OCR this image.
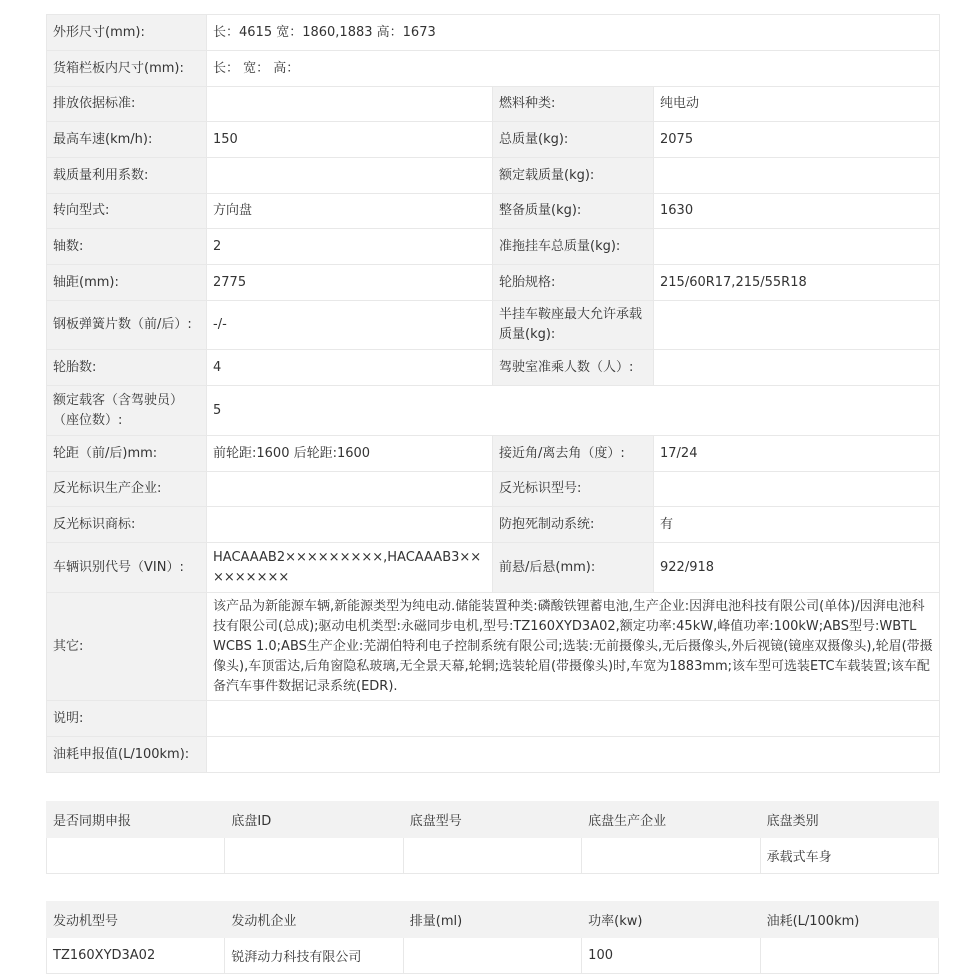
外形尺寸(mm):	长：4615 宽：1860,1883 高：1673		
货箱栏板内尺寸(mm):	长： 宽： 高：		
排放依据标准:		燃料种类:	纯电动
最高车速(km/h):	150	总质量(kg):	2075
载质量利用系数:		额定载质量(kg):	
转向型式:	方向盘	整备质量(kg):	1630
轴数:	2	准拖挂车总质量(kg):	
轴距(mm):	2775	轮胎规格:	215/60R17,215/55R18
钢板弹簧片数（前/后）:	-/-	半挂车鞍座最大允许承载质量(kg):	
轮胎数:	4	驾驶室准乘人数（人）:	
额定载客（含驾驶员）（座位数）:	5		
轮距（前/后)mm:	前轮距:1600 后轮距:1600	接近角/离去角（度）:	17/24
反光标识生产企业:		反光标识型号:	
反光标识商标:		防抱死制动系统:	有
车辆识别代号（VIN）:	HACAAAB2×××××××××,HACAAAB3×××××××××	前悬/后悬(mm):	922/918
其它:	该产品为新能源车辆,新能源类型为纯电动.储能装置种类:磷酸铁锂蓄电池,生产企业:因湃电池科技有限公司(单体)/因湃电池科技有限公司(总成);驱动电机类型:永磁同步电机,型号:TZ160XYD3A02,额定功率:45kW,峰值功率:100kW;ABS型号:WBTL WCBS 1.0;ABS生产企业:芜湖伯特利电子控制系统有限公司;选装:无前摄像头,无后摄像头,外后视镜(镜座双摄像头),轮眉(带摄像头),车顶雷达,后角窗隐私玻璃,无全景天幕,轮辋;选装轮眉(带摄像头)时,车宽为1883mm;该车型可选装ETC车载装置;该车配备汽车事件数据记录系统(EDR).		
说明:			
油耗申报值(L/100km):			
是否同期申报	底盘ID	底盘型号	底盘生产企业	底盘类别
				承载式车身
发动机型号	发动机企业	排量(ml)	功率(kw)	油耗(L/100km)
TZ160XYD3A02	锐湃动力科技有限公司		100	
